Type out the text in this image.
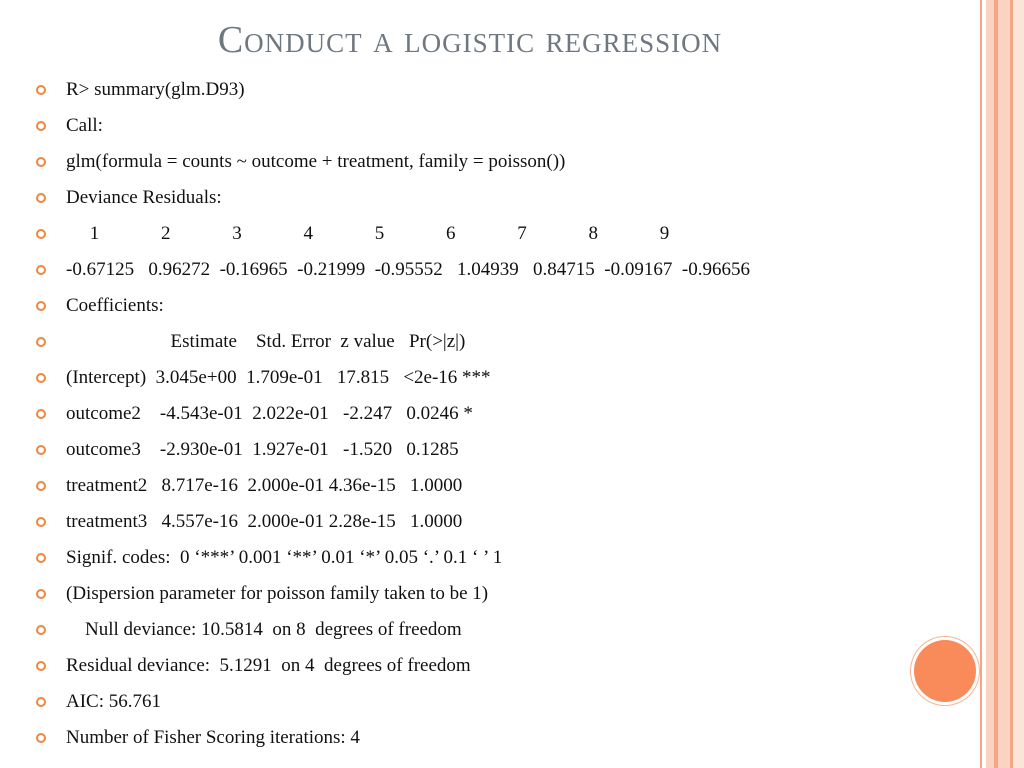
Conduct a logistic regression
R> summary(glm.D93)
Call:
glm(formula = counts ~ outcome + treatment, family = poisson())
Deviance Residuals:
1             2             3             4             5             6             7             8             9
-0.67125   0.96272  -0.16965  -0.21999  -0.95552   1.04939   0.84715  -0.09167  -0.96656
Coefficients:
Estimate    Std. Error  z value   Pr(>|z|)
(Intercept)  3.045e+00  1.709e-01   17.815   <2e-16 ***
outcome2    -4.543e-01  2.022e-01   -2.247   0.0246 *
outcome3    -2.930e-01  1.927e-01   -1.520   0.1285
treatment2   8.717e-16  2.000e-01 4.36e-15   1.0000
treatment3   4.557e-16  2.000e-01 2.28e-15   1.0000
Signif. codes:  0 ‘***’ 0.001 ‘**’ 0.01 ‘*’ 0.05 ‘.’ 0.1 ‘ ’ 1
(Dispersion parameter for poisson family taken to be 1)
Null deviance: 10.5814  on 8  degrees of freedom
Residual deviance:  5.1291  on 4  degrees of freedom
AIC: 56.761
Number of Fisher Scoring iterations: 4
